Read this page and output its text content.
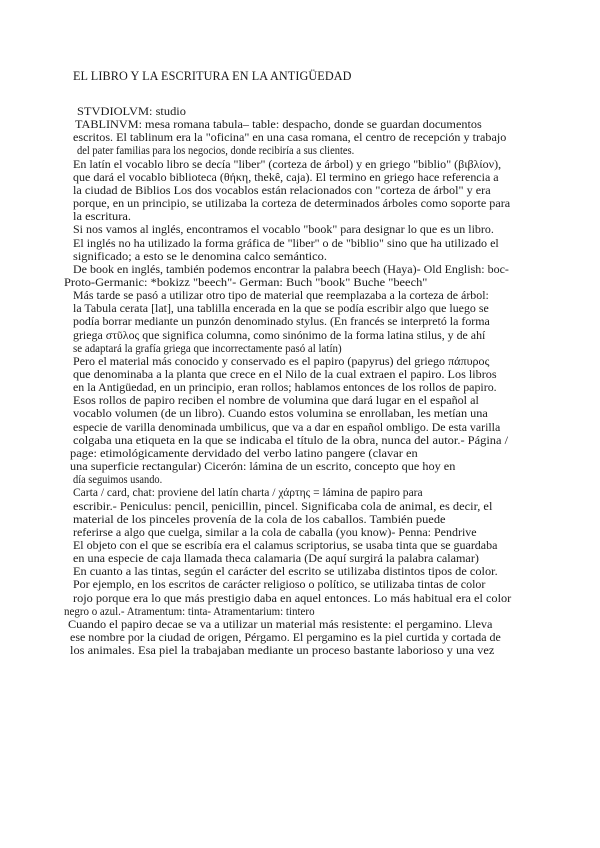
EL LIBRO Y LA ESCRITURA EN LA ANTIGÜEDAD
STVDIOLVM: studio
TABLINVM: mesa romana tabula– table: despacho, donde se guardan documentos
escritos. El tablinum era la "oficina" en una casa romana, el centro de recepción y trabajo
del pater familias para los negocios, donde recibiría a sus clientes.
En latín el vocablo libro se decía "liber" (corteza de árbol) y en griego "biblio" (βιβλίον),
que dará el vocablo biblioteca (θήκη, thekê, caja). El termino en griego hace referencia a
la ciudad de Biblios Los dos vocablos están relacionados con "corteza de árbol" y era
porque, en un principio, se utilizaba la corteza de determinados árboles como soporte para
la escritura.
Si nos vamos al inglés, encontramos el vocablo "book" para designar lo que es un libro.
El inglés no ha utilizado la forma gráfica de "liber" o de "biblio" sino que ha utilizado el
significado; a esto se le denomina calco semántico.
De book en inglés, también podemos encontrar la palabra beech (Haya)- Old English: boc-
Proto-Germanic: *bokizz "beech"- German: Buch "book" Buche "beech"
Más tarde se pasó a utilizar otro tipo de material que reemplazaba a la corteza de árbol:
la Tabula cerata [lat], una tablilla encerada en la que se podía escribir algo que luego se
podía borrar mediante un punzón denominado stylus. (En francés se interpretó la forma
griega στῦλος que significa columna, como sinónimo de la forma latina stilus, y de ahí
se adaptará la grafía griega que incorrectamente pasó al latín)
Pero el material más conocido y conservado es el papiro (papyrus) del griego πάπυρος
que denominaba a la planta que crece en el Nilo de la cual extraen el papiro. Los libros
en la Antigüedad, en un principio, eran rollos; hablamos entonces de los rollos de papiro.
Esos rollos de papiro reciben el nombre de volumina que dará lugar en el español al
vocablo volumen (de un libro). Cuando estos volumina se enrollaban, les metían una
especie de varilla denominada umbilicus, que va a dar en español ombligo. De esta varilla
colgaba una etiqueta en la que se indicaba el título de la obra, nunca del autor.- Página /
page: etimológicamente dervidado del verbo latino pangere (clavar en
una superficie rectangular) Cicerón: lámina de un escrito, concepto que hoy en
día seguimos usando.
Carta / card, chat: proviene del latín charta / χάρτης = lámina de papiro para
escribir.- Peniculus: pencil, penicillin, pincel. Significaba cola de animal, es decir, el
material de los pinceles provenía de la cola de los caballos. También puede
referirse a algo que cuelga, similar a la cola de caballa (you know)- Penna: Pendrive
El objeto con el que se escribía era el calamus scriptorius, se usaba tinta que se guardaba
en una especie de caja llamada theca calamaria (De aquí surgirá la palabra calamar)
En cuanto a las tintas, según el carácter del escrito se utilizaba distintos tipos de color.
Por ejemplo, en los escritos de carácter religioso o político, se utilizaba tintas de color
rojo porque era lo que más prestigio daba en aquel entonces. Lo más habitual era el color
negro o azul.- Atramentum: tinta- Atramentarium: tintero
Cuando el papiro decae se va a utilizar un material más resistente: el pergamino. Lleva
ese nombre por la ciudad de origen, Pérgamo. El pergamino es la piel curtida y cortada de
los animales. Esa piel la trabajaban mediante un proceso bastante laborioso y una vez
